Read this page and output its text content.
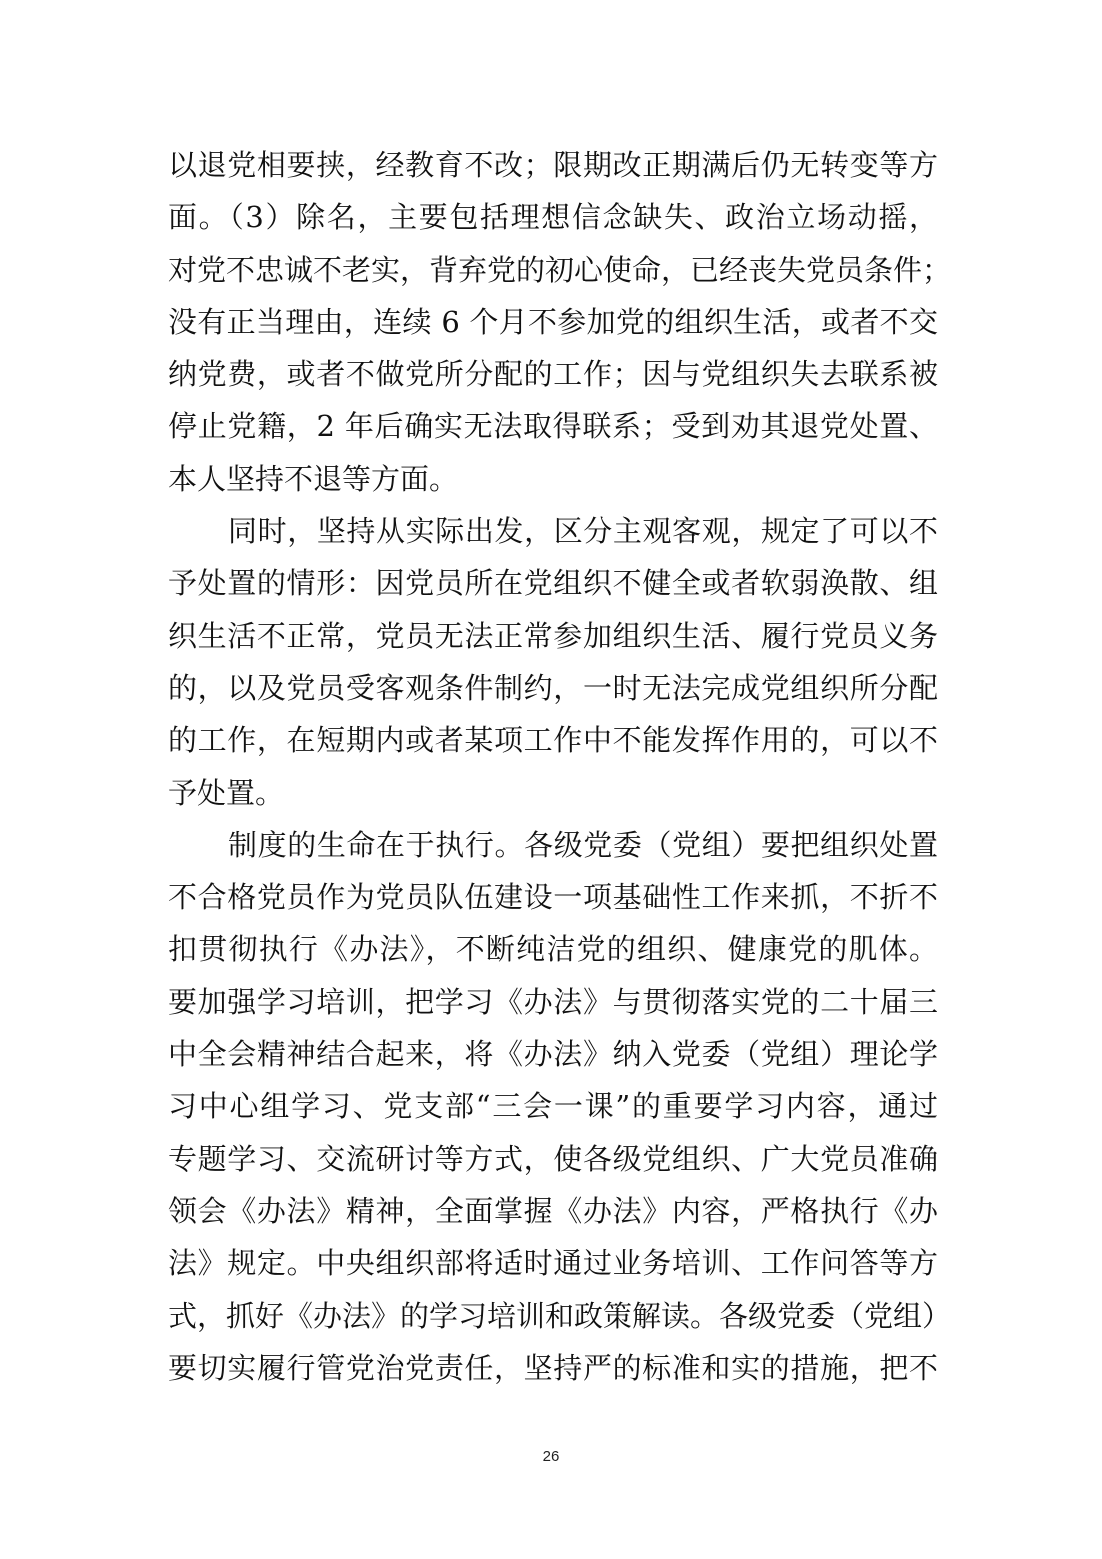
以退党相要挟，经教育不改；限期改正期满后仍无转变等方
面。（3）除名，主要包括理想信念缺失、政治立场动摇，
对党不忠诚不老实，背弃党的初心使命，已经丧失党员条件；
没有正当理由，连续 6 个月不参加党的组织生活，或者不交
纳党费，或者不做党所分配的工作；因与党组织失去联系被
停止党籍，2 年后确实无法取得联系；受到劝其退党处置、
本人坚持不退等方面。
同时，坚持从实际出发，区分主观客观，规定了可以不
予处置的情形：因党员所在党组织不健全或者软弱涣散、组
织生活不正常，党员无法正常参加组织生活、履行党员义务
的，以及党员受客观条件制约，一时无法完成党组织所分配
的工作，在短期内或者某项工作中不能发挥作用的，可以不
予处置。
制度的生命在于执行。各级党委（党组）要把组织处置
不合格党员作为党员队伍建设一项基础性工作来抓，不折不
扣贯彻执行《办法》，不断纯洁党的组织、健康党的肌体。
要加强学习培训，把学习《办法》与贯彻落实党的二十届三
中全会精神结合起来，将《办法》纳入党委（党组）理论学
习中心组学习、党支部“三会一课”的重要学习内容，通过
专题学习、交流研讨等方式，使各级党组织、广大党员准确
领会《办法》精神，全面掌握《办法》内容，严格执行《办
法》规定。中央组织部将适时通过业务培训、工作问答等方
式，抓好《办法》的学习培训和政策解读。各级党委（党组）
要切实履行管党治党责任，坚持严的标准和实的措施，把不
26
